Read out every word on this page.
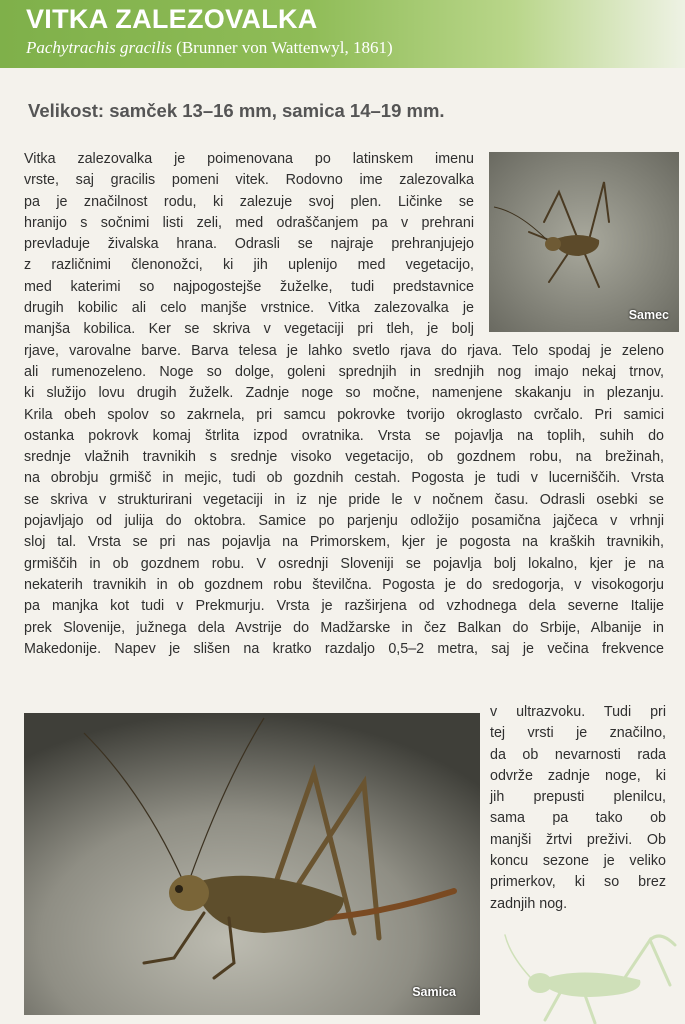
VITKA ZALEZOVALKA
Pachytrachis gracilis (Brunner von Wattenwyl, 1861)
Velikost: samček 13–16 mm, samica 14–19 mm.
Samec
Vitka zalezovalka je poimenovana po latinskem imenu
vrste, saj gracilis pomeni vitek. Rodovno ime zalezovalka
pa je značilnost rodu, ki zalezuje svoj plen. Ličinke se
hranijo s sočnimi listi zeli, med odraščanjem pa v prehrani
prevladuje živalska hrana. Odrasli se najraje prehranjujejo
z različnimi členonožci, ki jih uplenijo med vegetacijo,
med katerimi so najpogostejše žuželke, tudi predstavnice
drugih kobilic ali celo manjše vrstnice. Vitka zalezovalka je
manjša kobilica. Ker se skriva v vegetaciji pri tleh, je bolj
rjave, varovalne barve. Barva telesa je lahko svetlo rjava do rjava. Telo spodaj je zeleno
ali rumenozeleno. Noge so dolge, goleni sprednjih in srednjih nog imajo nekaj trnov,
ki služijo lovu drugih žuželk. Zadnje noge so močne, namenjene skakanju in plezanju.
Krila obeh spolov so zakrnela, pri samcu pokrovke tvorijo okroglasto cvrčalo. Pri samici
ostanka pokrovk komaj štrlita izpod ovratnika. Vrsta se pojavlja na toplih, suhih do
srednje vlažnih travnikih s srednje visoko vegetacijo, ob gozdnem robu, na brežinah,
na obrobju grmišč in mejic, tudi ob gozdnih cestah. Pogosta je tudi v lucerniščih. Vrsta
se skriva v strukturirani vegetaciji in iz nje pride le v nočnem času. Odrasli osebki se
pojavljajo od julija do oktobra. Samice po parjenju odložijo posamična jajčeca v vrhnji
sloj tal. Vrsta se pri nas pojavlja na Primorskem, kjer je pogosta na kraških travnikih,
grmiščih in ob gozdnem robu. V osrednji Sloveniji se pojavlja bolj lokalno, kjer je na
nekaterih travnikih in ob gozdnem robu številčna. Pogosta je do sredogorja, v visokogorju
pa manjka kot tudi v Prekmurju. Vrsta je razširjena od vzhodnega dela severne Italije
prek Slovenije, južnega dela Avstrije do Madžarske in čez Balkan do Srbije, Albanije in
Makedonije. Napev je slišen na kratko razdaljo 0,5–2 metra, saj je večina frekvence
v ultrazvoku. Tudi pri
tej vrsti je značilno,
da ob nevarnosti rada
odvrže zadnje noge, ki
jih prepusti plenilcu,
sama pa tako ob
manjši žrtvi preživi. Ob
koncu sezone je veliko
primerkov, ki so brez
zadnjih nog.
Samica
